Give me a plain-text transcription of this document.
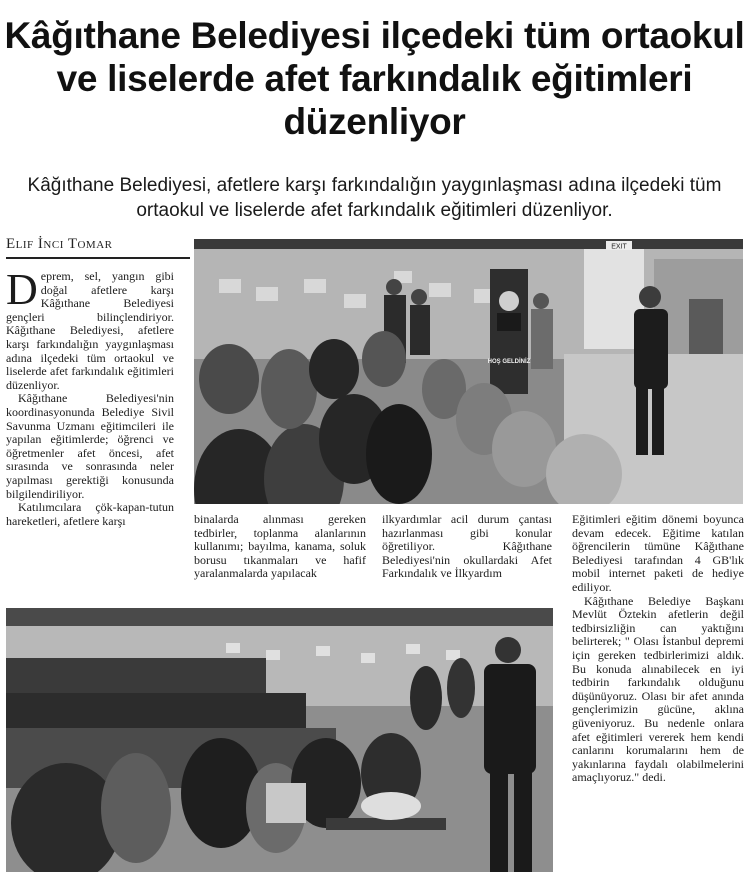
Kâğıthane Belediyesi ilçedeki tüm ortaokul ve liselerde afet farkındalık eğitimleri düzenliyor

Kâğıthane Belediyesi, afetlere karşı farkındalığın yaygınlaşması adına ilçedeki tüm ortaokul ve liselerde afet farkındalık eğitimleri düzenliyor.

Elif İnci Tomar

Deprem, sel, yangın gibi doğal afetlere karşı Kâğıthane Belediyesi gençleri bilinçlendiriyor. Kâğıthane Belediyesi, afetlere karşı farkındalığın yaygınlaşması adına ilçedeki tüm ortaokul ve liselerde afet farkındalık eğitimleri düzenliyor.

Kâğıthane Belediyesi'nin koordinasyonunda Belediye Sivil Savunma Uzmanı eğitimcileri ile yapılan eğitimlerde; öğrenci ve öğretmenler afet öncesi, afet sırasında ve sonrasında neler yapılması gerektiği konusunda bilgilendiriliyor.

Katılımcılara çök-kapan-tutun hareketleri, afetlere karşı

EXIT
HOŞ GELDİNİZ
binalarda alınması gereken tedbirler, toplanma alanlarının kullanımı; bayılma, kanama, soluk borusu tıkanmaları ve hafif yaralanmalarda yapılacak
ilkyardımlar acil durum çantası hazırlanması gibi konular öğretiliyor. Kâğıthane Belediyesi'nin okullardaki Afet Farkındalık ve İlkyardım

Eğitimleri eğitim dönemi boyunca devam edecek. Eğitime katılan öğrencilerin tümüne Kâğıthane Belediyesi tarafından 4 GB'lık mobil internet paketi de hediye ediliyor.

Kâğıthane Belediye Başkanı Mevlüt Öztekin afetlerin değil tedbirsizliğin can yaktığını belirterek; " Olası İstanbul depremi için gereken tedbirlerimizi aldık. Bu konuda alınabilecek en iyi tedbirin farkındalık olduğunu düşünüyoruz. Olası bir afet anında gençlerimizin gücüne, aklına güveniyoruz. Bu nedenle onlara afet eğitimleri vererek hem kendi canlarını korumalarını hem de yakınlarına faydalı olabilmelerini amaçlıyoruz." dedi.
